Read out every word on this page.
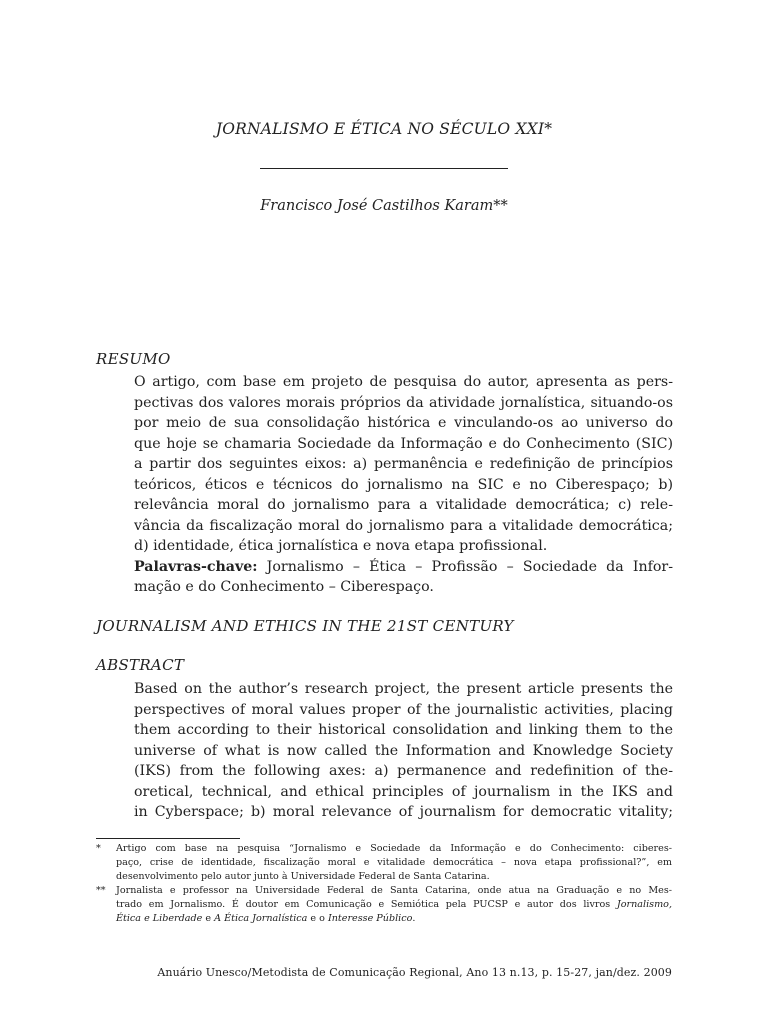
JORNALISMO E ÉTICA NO SÉCULO XXI*
Francisco José Castilhos Karam**
RESUMO
O artigo, com base em projeto de pesquisa do autor, apresenta as pers-
pectivas dos valores morais próprios da atividade jornalística, situando-os
por meio de sua consolidação histórica e vinculando-os ao universo do
que hoje se chamaria Sociedade da Informação e do Conhecimento (SIC)
a partir dos seguintes eixos: a) permanência e redefinição de princípios
teóricos, éticos e técnicos do jornalismo na SIC e no Ciberespaço; b)
relevância moral do jornalismo para a vitalidade democrática; c) rele-
vância da fiscalização moral do jornalismo para a vitalidade democrática;
d) identidade, ética jornalística e nova etapa profissional.
Palavras-chave: Jornalismo – Ética – Profissão – Sociedade da Infor-
mação e do Conhecimento – Ciberespaço.
JOURNALISM AND ETHICS IN THE 21ST CENTURY
ABSTRACT
Based on the author’s research project, the present article presents the
perspectives of moral values proper of the journalistic activities, placing
them according to their historical consolidation and linking them to the
universe of what is now called the Information and Knowledge Society
(IKS) from the following axes: a) permanence and redefinition of the-
oretical, technical, and ethical principles of journalism in the IKS and
in Cyberspace; b) moral relevance of journalism for democratic vitality;
* Artigo com base na pesquisa “Jornalismo e Sociedade da Informação e do Conhecimento: ciberes-
paço, crise de identidade, fiscalização moral e vitalidade democrática – nova etapa profissional?”, em
desenvolvimento pelo autor junto à Universidade Federal de Santa Catarina.
** Jornalista e professor na Universidade Federal de Santa Catarina, onde atua na Graduação e no Mes-
trado em Jornalismo. É doutor em Comunicação e Semiótica pela PUCSP e autor dos livros Jornalismo,
Ética e Liberdade e A Ética Jornalística e o Interesse Público.
Anuário Unesco/Metodista de Comunicação Regional, Ano 13 n.13, p. 15-27, jan/dez. 2009
